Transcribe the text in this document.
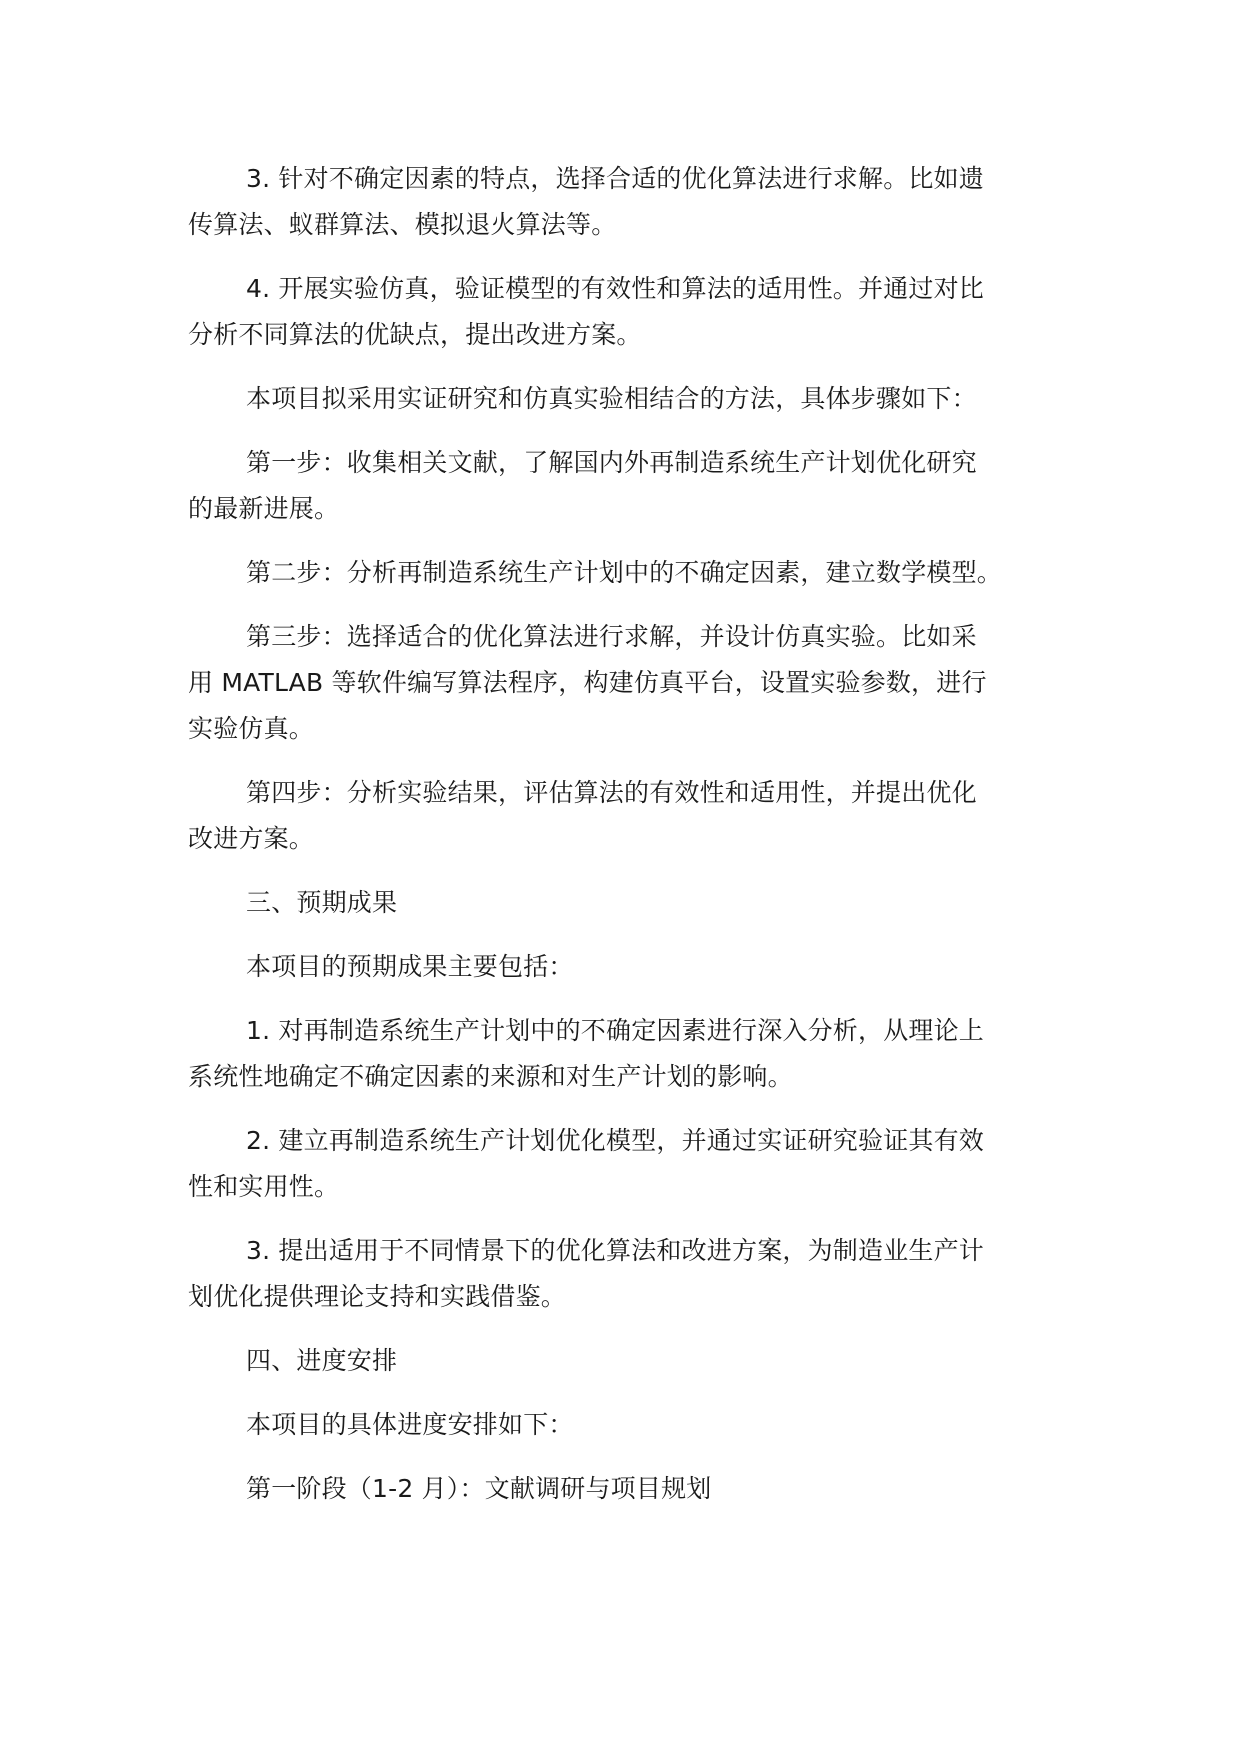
3. 针对不确定因素的特点，选择合适的优化算法进行求解。比如遗
传算法、蚁群算法、模拟退火算法等。

4. 开展实验仿真，验证模型的有效性和算法的适用性。并通过对比
分析不同算法的优缺点，提出改进方案。

本项目拟采用实证研究和仿真实验相结合的方法，具体步骤如下：

第一步：收集相关文献，了解国内外再制造系统生产计划优化研究
的最新进展。

第二步：分析再制造系统生产计划中的不确定因素，建立数学模型。

第三步：选择适合的优化算法进行求解，并设计仿真实验。比如采
用 MATLAB 等软件编写算法程序，构建仿真平台，设置实验参数，进行
实验仿真。

第四步：分析实验结果，评估算法的有效性和适用性，并提出优化
改进方案。

三、预期成果

本项目的预期成果主要包括：

1. 对再制造系统生产计划中的不确定因素进行深入分析，从理论上
系统性地确定不确定因素的来源和对生产计划的影响。

2. 建立再制造系统生产计划优化模型，并通过实证研究验证其有效
性和实用性。

3. 提出适用于不同情景下的优化算法和改进方案，为制造业生产计
划优化提供理论支持和实践借鉴。

四、进度安排

本项目的具体进度安排如下：

第一阶段（1-2 月）：文献调研与项目规划
